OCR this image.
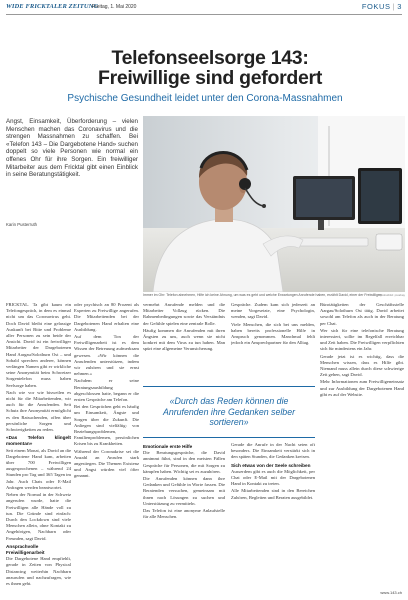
WIDE FRICKTALER ZEITUNG
Freitag, 1. Mai 2020	FOKUS | 3
Telefonseelsorge 143:
Freiwillige sind gefordert
Psychische Gesundheit leidet unter den Corona-Massnahmen
Angst, Einsamkeit, Überforderung – vielen Menschen machen das Coronavirus und die strengen Massnahmen zu schaffen. Bei «Telefon 143 – Die Dargebotene Hand» suchen doppelt so viele Personen wie normal ein offenes Ohr für ihre Sorgen. Ein freiwilliger Mitarbeiter aus dem Fricktal gibt einen Einblick in seine Beratungstätigkeit.
Karin Pusterruth
Immer im Ohr: Telefon abnehmen, Hilfe ich keine Ahnung, um was es geht und welche Erwartungen Anrufende haben, erzählt David, einer der Freiwilligen.
Symbolbild: pixabay
FRICKTAL. Ta gibt kaum ein Telefongespräch, in dem es einmal nicht um das Coronavirus geht. Doch David bleibt eine gelassige Auskunft bei Bitte und Probleme aller Personen zu sein beide der Ansicht. David ist ein freiwilliger Mitarbeiter der Dargebotenen Hand Aargau/Solothurn Ost – und Sobald sprechen anderer, können verlängen Namen gibt er wirkliche seine Anonymität beim Schweizer Sorgentelefon muss haben Seelsorge haben.
Nach wie vor wie bisweilen es nicht für die Mitarbeitenden, wir auch für die Anrufenden. Seit Schutz ihre Anonymität ermöglicht es den Ratsuchenden, offen über persönliche Sorgen und Schwierigkeiten zu reden.
«Das Telefon klingelt momentan»
Seit einem Monat, als David an die Dargebotene Hand kam, arbeiten über 700 Freiwilligen ausgesprochenen – während 24 Stunden pro Tag und 365 Tagen im Jahr. Auch Chats oder E-Mail Anfragen werden beantwortet.
Neben der Normal in der Schweiz angerufen wurde, hatte die Freiwilligen alle Hände voll zu tun. Die Gründe sind einfach: Durch den Lockdown sind viele Menschen allein, ohne Kontakt zu Angehörigen, Nachbarn oder Freunden, sagt David.
Ansprachvolle Freiwilligenarbeit
Die Dargebotene Hand empfiehlt, gerade in Zeiten von Physical Distancing weiterhin Nachbarn anzurufen und nachzufragen, wie es ihnen geht.
oder psychisch an 80 Prozent als Experten zu Freiwillige angerufen. Die Mitarbeitenden bei der Dargebotenen Hand erhalten eine Ausbildung.
Auf dem Ton der Freiwilligenarbeit ist es dem Wissen der Betreuung aufmerksam gewesen. «Wir können die Anrufenden unterstützen, indem wir zuhören und sie ernst nehmen.»
Nachdem er seine Beratungsausbildung abgeschlossen hatte, begann er die ersten Gespräche am Telefon.
Bei den Gesprächen geht es häufig um Einsamkeit, Ängste und Sorgen über die Zukunft. Die Anliegen sind vielfältig: von Beziehungsproblemen, Familienproblemen, persönlichen Krisen bis zu Krankheiten.
Während der Coronakrise sei die Anzahl an Anrufen stark angestiegen. Die Themen Existenz und Angst würden viel öfter genannt.
vermehrt Anrufende melden und die Mitarbeiter Vollzug rücken. Die Rahmenbedingungen sowie das Verständnis der Gefühle spielen eine zentrale Rolle.
Häufig kommen die Anrufenden mit ihren Ängsten zu uns, auch wenn sie nicht konkret mit dem Virus zu tun haben. Man spürt eine allgemeine Verunsicherung.
Emotionale erste Hilfe
Die Beratungsgespräche, die David annimmt führt, sind in den meisten Fällen Gespräche für Personen, die mit Sorgen zu kämpfen haben. Wichtig sei es zuzuhören.
Die Anrufenden können dann ihre Gedanken und Gefühle in Worte fassen. Die Beratenden versuchen, gemeinsam mit ihnen nach Lösungen zu suchen und Unterstützung zu vermitteln.
Das Telefon ist eine anonyme Anlaufstelle für alle Menschen.
Gespräche. Zudem kam sich jederzeit an meine Vorgesetzte, eine Psychologin, wenden, sagt David.
Viele Menschen, die sich bei uns melden, haben bereits professionelle Hilfe in Anspruch genommen. Manchmal fehlt jedoch ein Ansprechpartner für den Alltag.
Gerade die Anrufe in der Nacht seien oft besonders. Die Einsamkeit verstärkt sich in den späten Stunden, die Gedanken kreisen.
Sich etwas von der Seele schreiben
Ausserdem gibt es auch die Möglichkeit, per Chat oder E-Mail mit der Dargebotenen Hand in Kontakt zu treten.
Alle Mitarbeitenden sind in den Bereichen Zuhören, Begleiten und Beraten ausgebildet.
«Durch das Reden können die Anrufenden ihre Gedanken selber sortieren»
Bürotätigkeiten der Geschäftsstelle Aargau/Solothurn Ost tätig. David arbeitet sowohl am Telefon als auch in der Beratung per Chat.
Wer sich für eine telefonische Beratung interessiert, sollte im Regelfall erreichbar und Zeit haben. Die Freiwilligen verpflichten sich für mindestens ein Jahr.
Gerade jetzt ist es wichtig, dass die Menschen wissen, dass es Hilfe gibt. Niemand muss allein durch diese schwierige Zeit gehen, sagt David.
Mehr Informationen zum Freiwilligeneinsatz und zur Ausbildung der Dargebotenen Hand gibt es auf der Website.
www.143.ch
